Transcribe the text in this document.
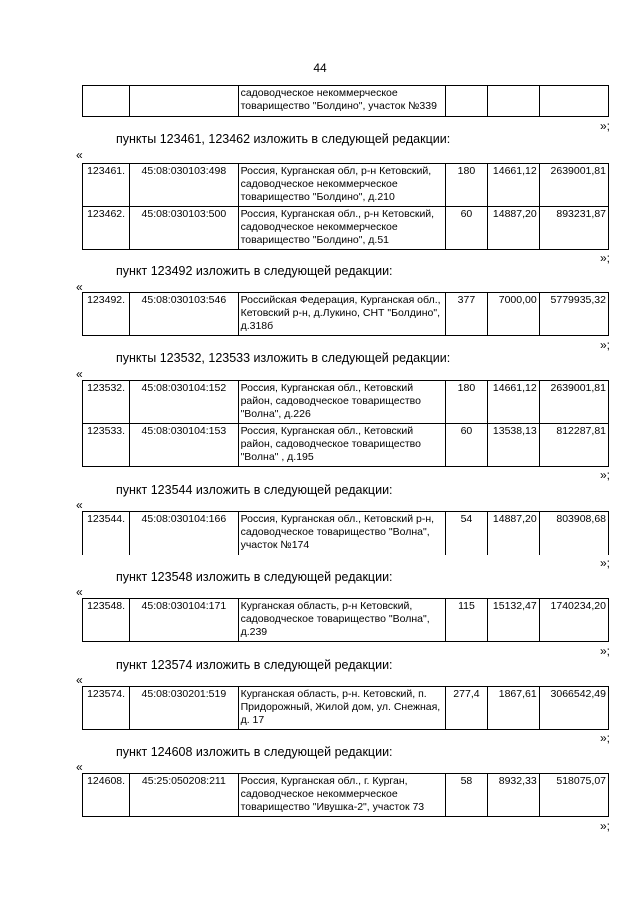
44
		садоводческое некоммерческое товарищество "Болдино", участок №339			
»;
пункты 123461, 123462 изложить в следующей редакции:
«
123461.	45:08:030103:498	Россия, Курганская обл, р-н Кетовский, садоводческое некоммерческое товарищество "Болдино", д.210	180	14661,12	2639001,81
123462.	45:08:030103:500	Россия, Курганская обл., р-н Кетовский, садоводческое некоммерческое товарищество "Болдино", д.51	60	14887,20	893231,87
»;
пункт 123492 изложить в следующей редакции:
«
123492.	45:08:030103:546	Российская Федерация, Курганская обл., Кетовский р-н, д.Лукино, СНТ "Болдино", д.318б	377	7000,00	5779935,32
»;
пункты 123532, 123533 изложить в следующей редакции:
«
123532.	45:08:030104:152	Россия, Курганская обл., Кетовский район, садоводческое товарищество "Волна", д.226	180	14661,12	2639001,81
123533.	45:08:030104:153	Россия, Курганская обл., Кетовский район, садоводческое товарищество "Волна" , д.195	60	13538,13	812287,81
»;
пункт 123544 изложить в следующей редакции:
«
123544.	45:08:030104:166	Россия, Курганская обл., Кетовский р-н, садоводческое товарищество "Волна", участок №174	54	14887,20	803908,68
»;
пункт 123548 изложить в следующей редакции:
«
123548.	45:08:030104:171	Курганская область, р-н Кетовский, садоводческое товарищество "Волна", д.239	115	15132,47	1740234,20
»;
пункт 123574 изложить в следующей редакции:
«
123574.	45:08:030201:519	Курганская область, р-н. Кетовский, п. Придорожный, Жилой дом, ул. Снежная, д. 17	277,4	1867,61	3066542,49
»;
пункт 124608 изложить в следующей редакции:
«
124608.	45:25:050208:211	Россия, Курганская обл., г. Курган, садоводческое некоммерческое товарищество "Ивушка-2", участок 73	58	8932,33	518075,07
»;
